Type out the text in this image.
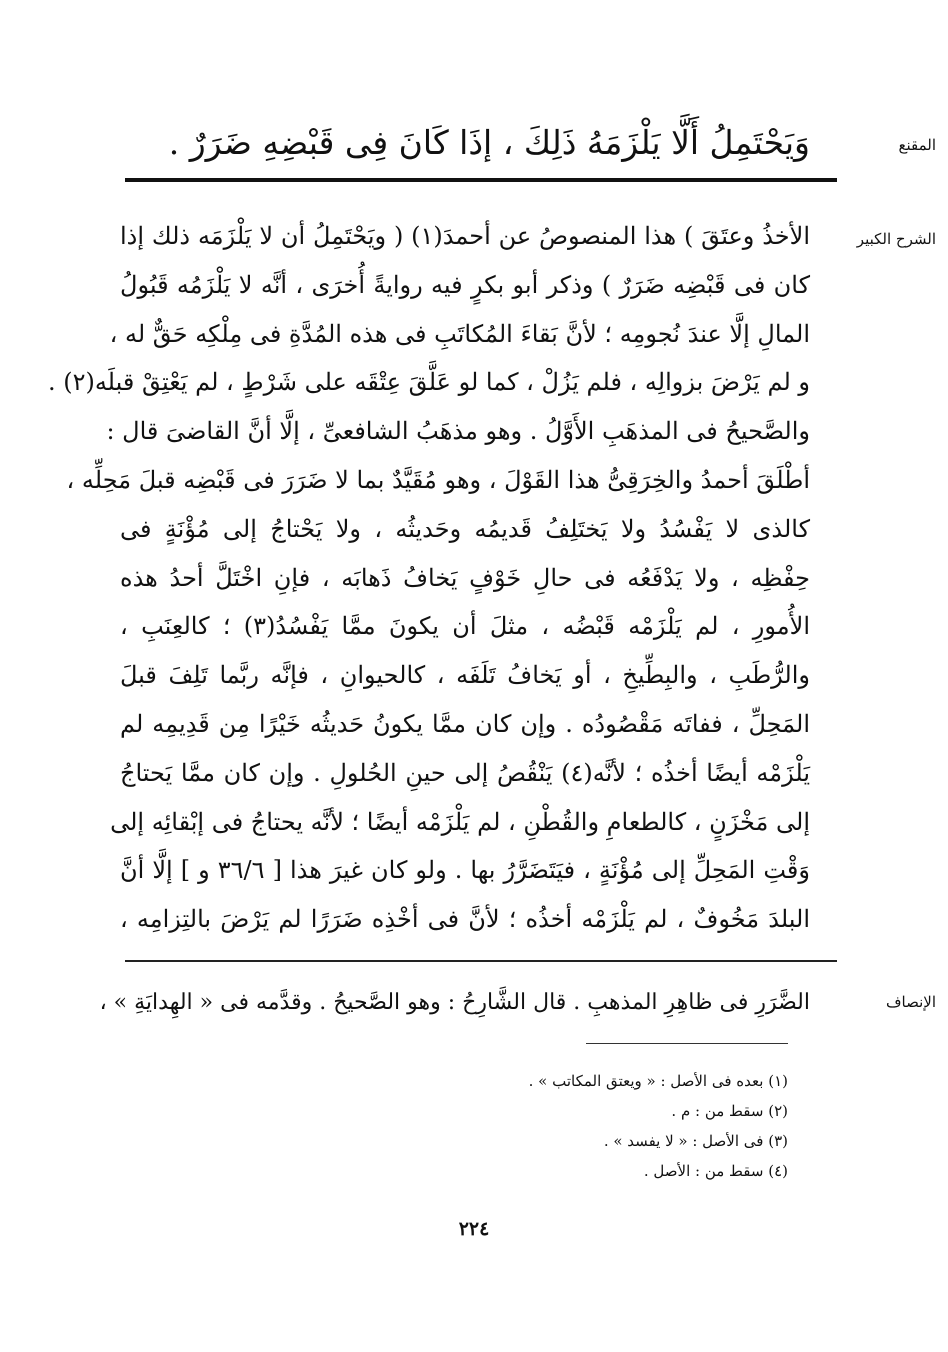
المقنع
وَيَحْتَمِلُ أَلَّا يَلْزَمَهُ ذَلِكَ ، إذَا كَانَ فِى قَبْضِهِ ضَرَرٌ .
الشرح الكبير
الأخذُ وعتَقَ ) هذا المنصوصُ عن أحمدَ(١) ( ويَحْتَمِلُ أن لا يَلْزَمَه ذلك إذا
كان فى قَبْضِه ضَرَرٌ ) وذكر أبو بكرٍ فيه روايةً أُخرَى ، أنَّه لا يَلْزَمُه قَبُولُ
المالِ إلَّا عندَ نُجومِه ؛ لأنَّ بَقاءَ المُكاتَبِ فى هذه المُدَّةِ فى مِلْكِه حَقٌّ له ،
و لم يَرْضَ بزوالِه ، فلم يَزُلْ ، كما لو عَلَّقَ عِتْقَه على شَرْطٍ ، لم يَعْتِقْ قبلَه(٢) .
والصَّحيحُ فى المذهَبِ الأَوَّلُ . وهو مذهَبُ الشافعىِّ ، إلَّا أنَّ القاضىَ قال :
أطْلَقَ أحمدُ والخِرَقِىُّ هذا القَوْلَ ، وهو مُقَيَّدٌ بما لا ضَرَرَ فى قَبْضِه قبلَ مَحِلِّه ،
كالذى لا يَفْسُدُ ولا يَختَلِفُ قَديمُه وحَديثُه ، ولا يَحْتاجُ إلى مُؤْنَةٍ فى
حِفْظِه ، ولا يَدْفَعُه فى حالِ خَوْفٍ يَخافُ ذَهابَه ، فإنِ اخْتَلَّ أحدُ هذه
الأُمورِ ، لم يَلْزَمْه قَبْضُه ، مثلَ أن يكونَ ممَّا يَفْسُدُ(٣) ؛ كالعِنَبِ ،
والرُّطَبِ ، والبِطِّيخِ ، أو يَخافُ تَلَفَه ، كالحيوانِ ، فإنَّه ربَّما تَلِفَ قبلَ
المَحِلِّ ، ففاتَه مَقْصُودُه . وإن كان ممَّا يكونُ حَديثُه خَيْرًا مِن قَدِيمِه لم
يَلْزَمْه أيضًا أخذُه ؛ لأنَّه(٤) يَنْقُصُ إلى حينِ الحُلولِ . وإن كان ممَّا يَحتاجُ
إلى مَخْزَنٍ ، كالطعامِ والقُطْنِ ، لم يَلْزَمْه أيضًا ؛ لأنَّه يحتاجُ فى إبْقائِه إلى
وَقْتِ المَحِلِّ إلى مُؤْنَةٍ ، فيَتَضَرَّرُ بها . ولو كان غيرَ هذا [ ٣٦/٦ و ] إلَّا أنَّ
البلدَ مَخُوفٌ ، لم يَلْزَمْه أخذُه ؛ لأنَّ فى أخْذِه ضَرَرًا لم يَرْضَ بالتِزامِه ،
الإنصاف
الضَّرَرِ فى ظاهِرِ المذهبِ . قال الشَّارِحُ : وهو الصَّحيحُ . وقدَّمه فى « الهِدايَةِ » ،
(١) بعده فى الأصل : « ويعتق المكاتب » .
(٢) سقط من : م .
(٣) فى الأصل : « لا يفسد » .
(٤) سقط من : الأصل .
٢٢٤
